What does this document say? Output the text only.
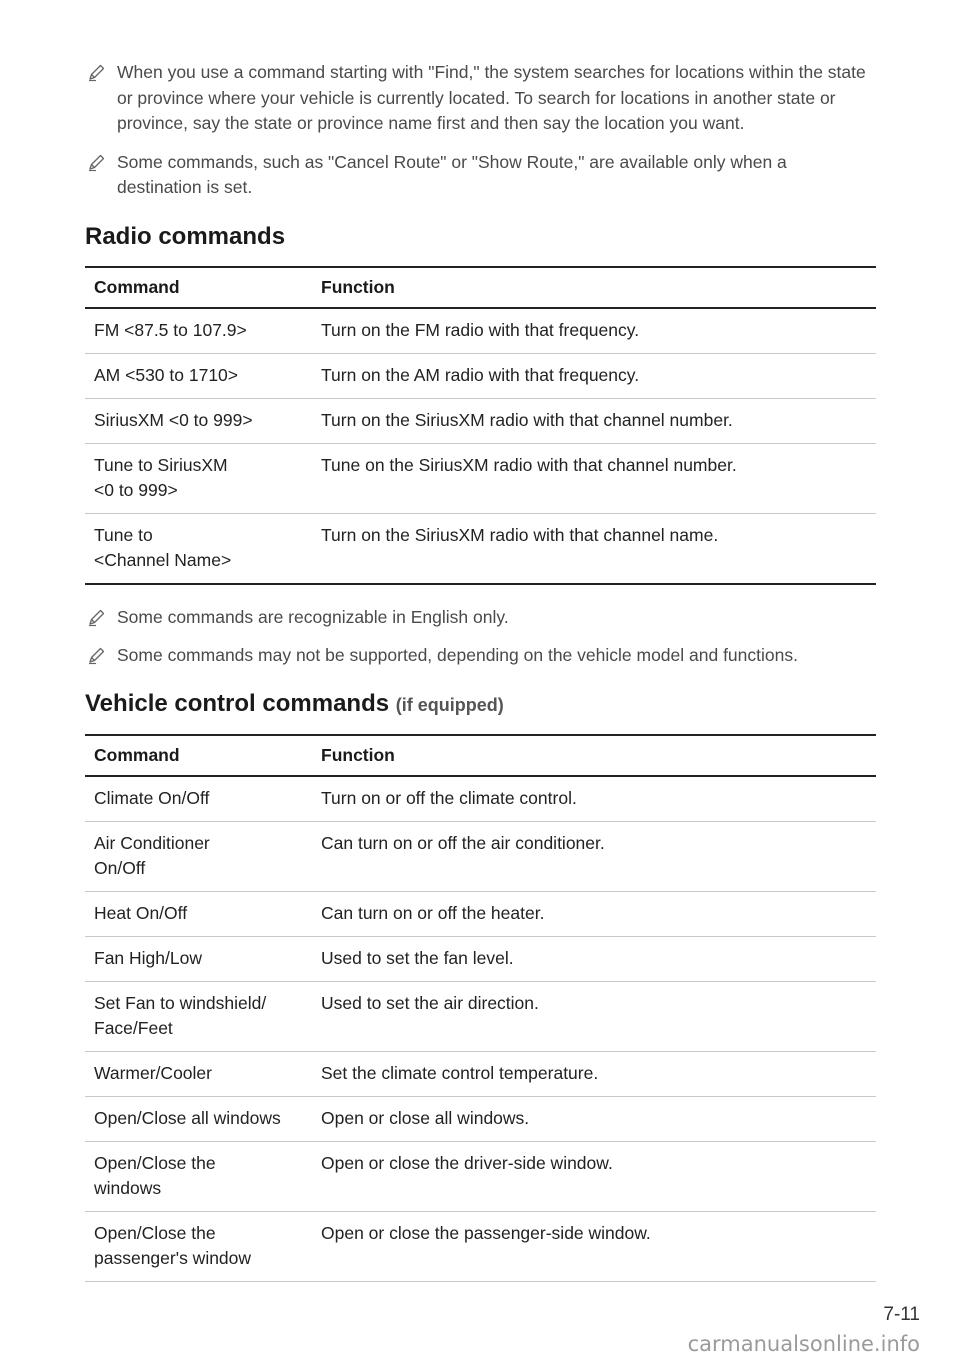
When you use a command starting with "Find," the system searches for locations within the state or province where your vehicle is currently located. To search for locations in another state or province, say the state or province name first and then say the location you want.
Some commands, such as "Cancel Route" or "Show Route," are available only when a destination is set.
Radio commands
Command	Function
FM <87.5 to 107.9>	Turn on the FM radio with that frequency.
AM <530 to 1710>	Turn on the AM radio with that frequency.
SiriusXM <0 to 999>	Turn on the SiriusXM radio with that channel number.
Tune to SiriusXM
<0 to 999>	Tune on the SiriusXM radio with that channel number.
Tune to
<Channel Name>	Turn on the SiriusXM radio with that channel name.
Some commands are recognizable in English only.
Some commands may not be supported, depending on the vehicle model and functions.
Vehicle control commands (if equipped)
Command	Function
Climate On/Off	Turn on or off the climate control.
Air Conditioner
On/Off	Can turn on or off the air conditioner.
Heat On/Off	Can turn on or off the heater.
Fan High/Low	Used to set the fan level.
Set Fan to windshield/
Face/Feet	Used to set the air direction.
Warmer/Cooler	Set the climate control temperature.
Open/Close all windows	Open or close all windows.
Open/Close the
windows	Open or close the driver-side window.
Open/Close the
passenger's window	Open or close the passenger-side window.
7-11
carmanualsonline.info
